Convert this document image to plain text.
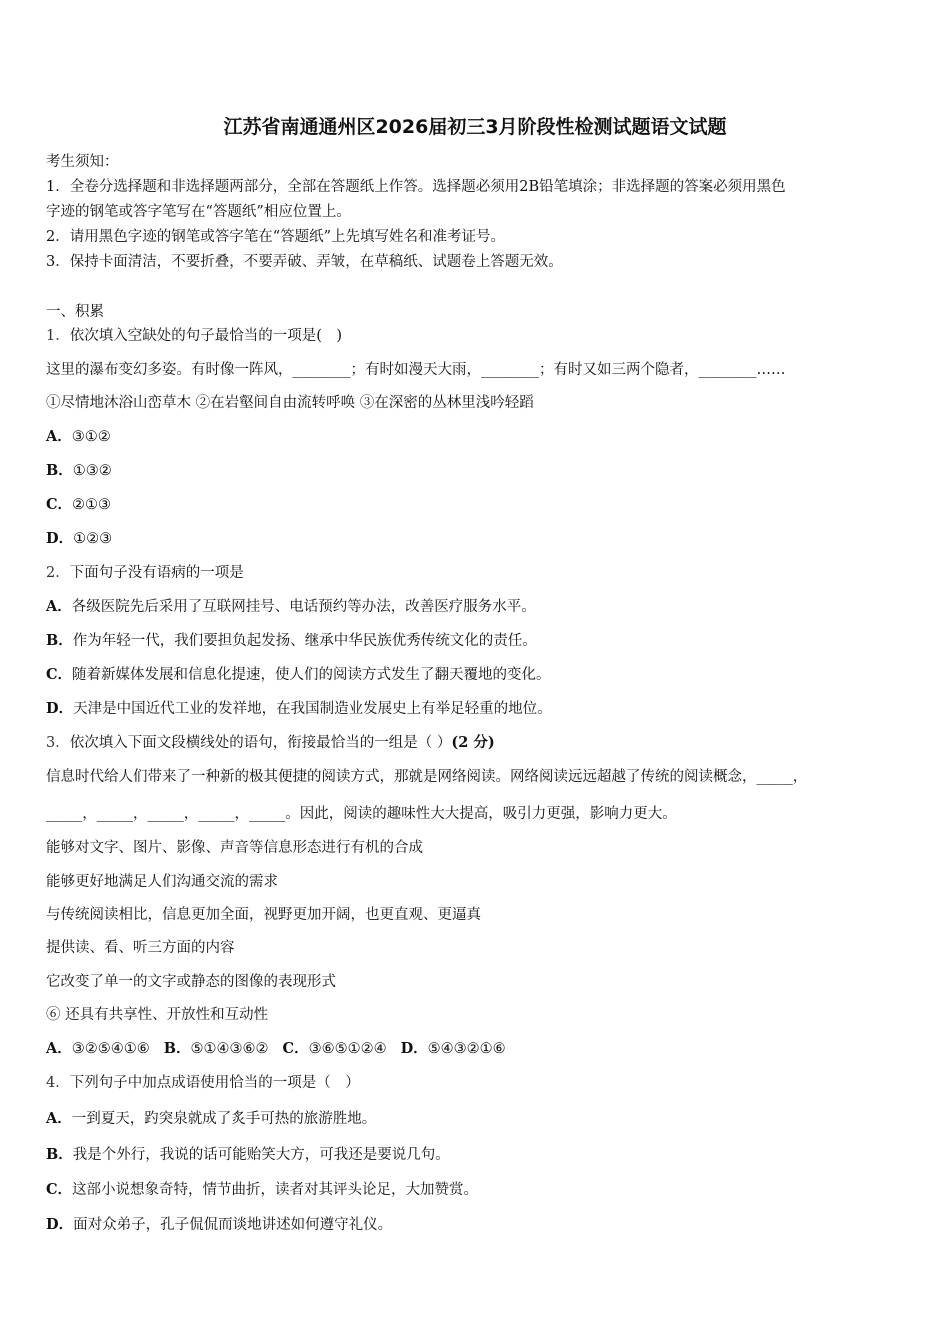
江苏省南通通州区2026届初三3月阶段性检测试题语文试题
考生须知：
1．全卷分选择题和非选择题两部分，全部在答题纸上作答。选择题必须用2B铅笔填涂；非选择题的答案必须用黑色
字迹的钢笔或答字笔写在“答题纸”相应位置上。
2．请用黑色字迹的钢笔或答字笔在“答题纸”上先填写姓名和准考证号。
3．保持卡面清洁，不要折叠，不要弄破、弄皱，在草稿纸、试题卷上答题无效。
一、积累
1．依次填入空缺处的句子最恰当的一项是(　)
这里的瀑布变幻多姿。有时像一阵风，________；有时如漫天大雨，________；有时又如三两个隐者，________……
①尽情地沐浴山峦草木 ②在岩壑间自由流转呼唤 ③在深密的丛林里浅吟轻蹈
A．③①②
B．①③②
C．②①③
D．①②③
2．下面句子没有语病的一项是
A．各级医院先后采用了互联网挂号、电话预约等办法，改善医疗服务水平。
B．作为年轻一代，我们要担负起发扬、继承中华民族优秀传统文化的责任。
C．随着新媒体发展和信息化提速，使人们的阅读方式发生了翻天覆地的变化。
D．天津是中国近代工业的发祥地，在我国制造业发展史上有举足轻重的地位。
3．依次填入下面文段横线处的语句，衔接最恰当的一组是（ ）(2 分)
信息时代给人们带来了一种新的极其便捷的阅读方式，那就是网络阅读。网络阅读远远超越了传统的阅读概念，_____，
_____，_____，_____，_____，_____。因此，阅读的趣味性大大提高，吸引力更强，影响力更大。
能够对文字、图片、影像、声音等信息形态进行有机的合成
能够更好地满足人们沟通交流的需求
与传统阅读相比，信息更加全面，视野更加开阔，也更直观、更逼真
提供读、看、听三方面的内容
它改变了单一的文字或静态的图像的表现形式
⑥ 还具有共享性、开放性和互动性
A．③②⑤④①⑥ B．⑤①④③⑥② C．③⑥⑤①②④ D．⑤④③②①⑥
4．下列句子中加点成语使用恰当的一项是（　）
A．一到夏天，趵突泉就成了炙手可热的旅游胜地。
B．我是个外行，我说的话可能贻笑大方，可我还是要说几句。
C．这部小说想象奇特，情节曲折，读者对其评头论足，大加赞赏。
D．面对众弟子，孔子侃侃而谈地讲述如何遵守礼仪。
